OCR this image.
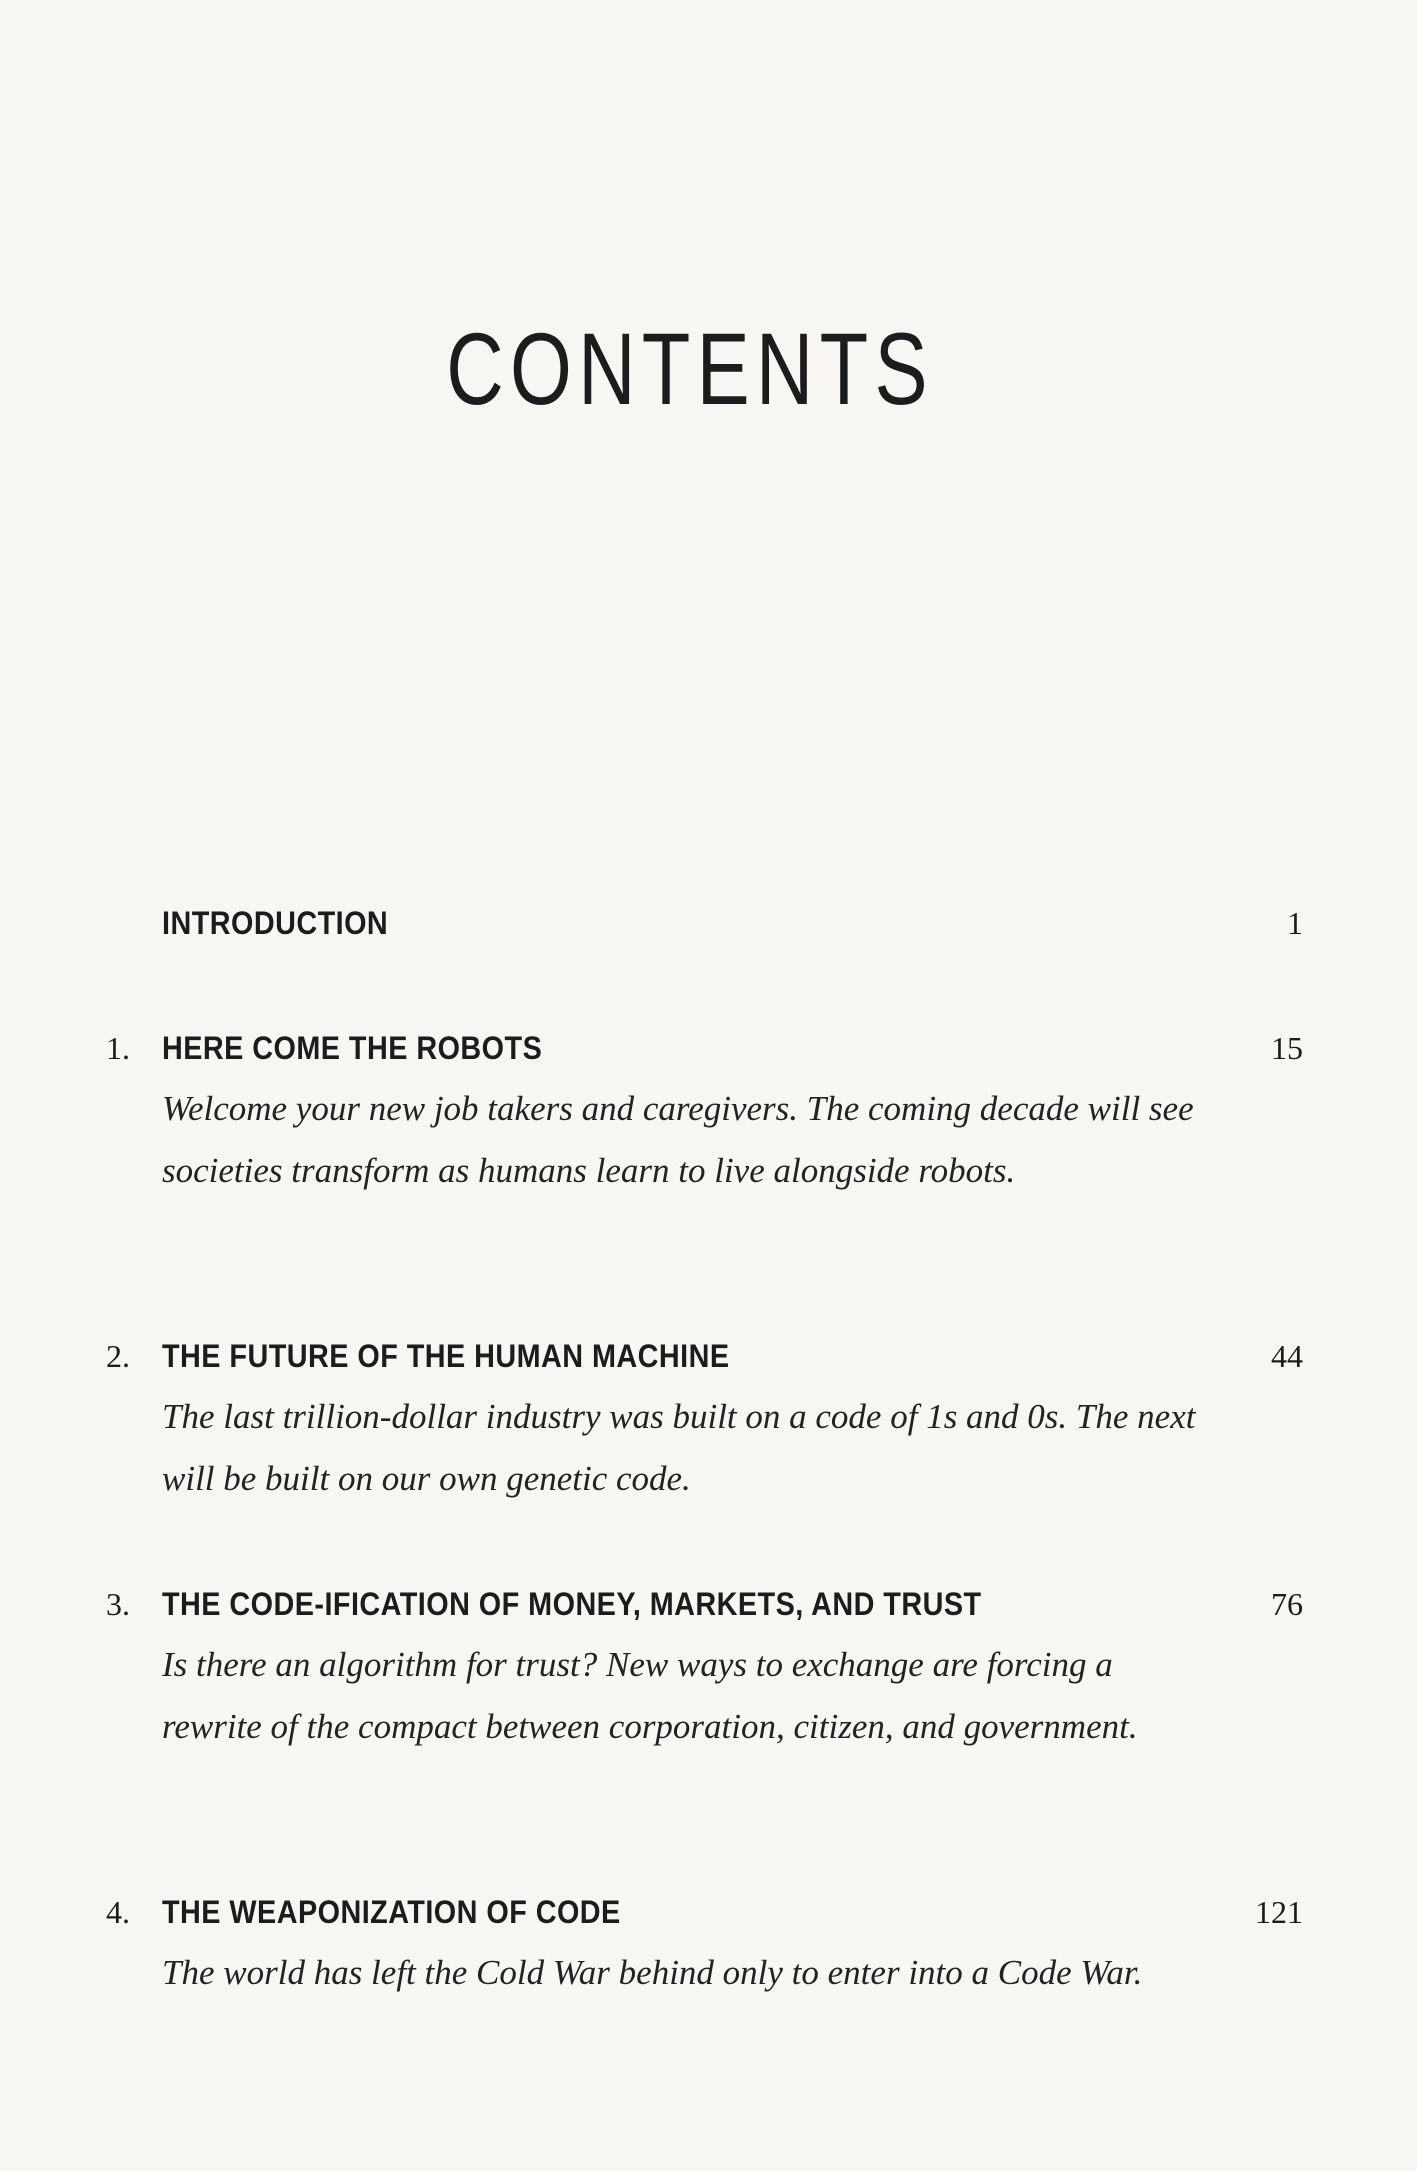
CONTENTS
INTRODUCTION	1
1. HERE COME THE ROBOTS	15
Welcome your new job takers and caregivers. The coming decade will see societies transform as humans learn to live alongside robots.
2. THE FUTURE OF THE HUMAN MACHINE	44
The last trillion-dollar industry was built on a code of 1s and 0s. The next will be built on our own genetic code.
3. THE CODE-IFICATION OF MONEY, MARKETS, AND TRUST	76
Is there an algorithm for trust? New ways to exchange are forcing a rewrite of the compact between corporation, citizen, and government.
4. THE WEAPONIZATION OF CODE	121
The world has left the Cold War behind only to enter into a Code War.
